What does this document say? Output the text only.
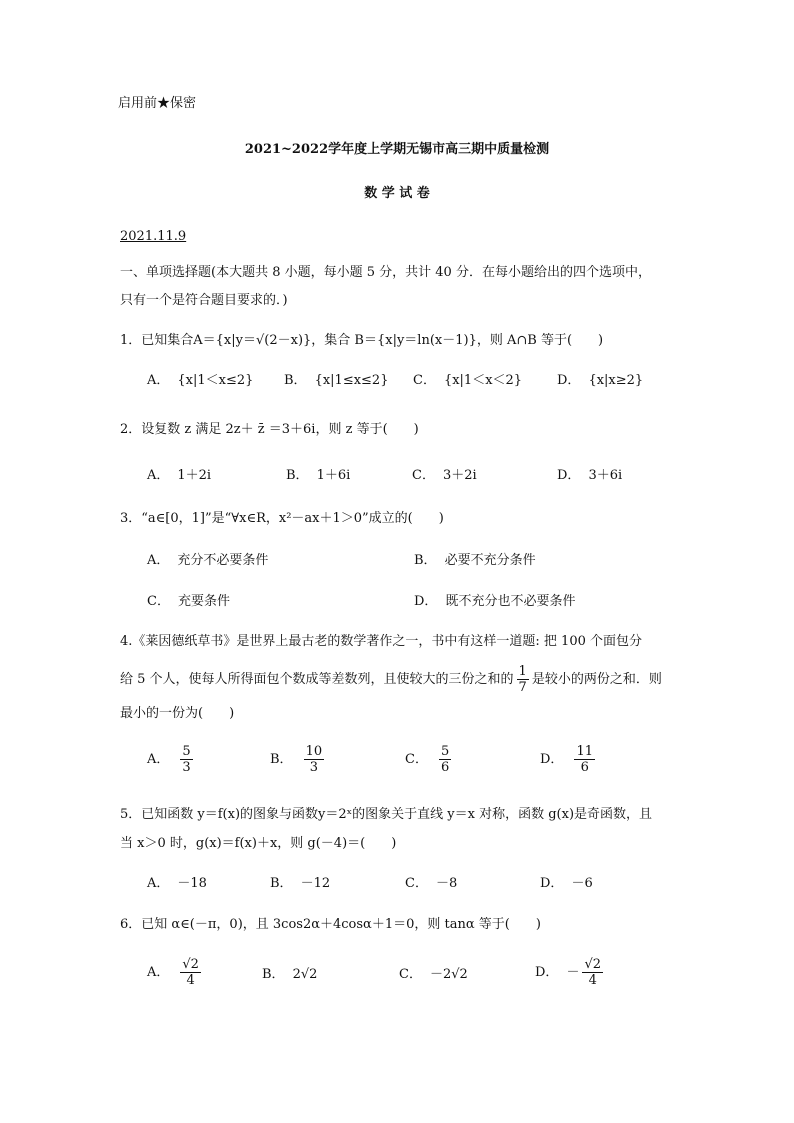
启用前★保密
2021~2022学年度上学期无锡市高三期中质量检测
数 学 试 卷
2021.11.9
一、单项选择题(本大题共 8 小题，每小题 5 分，共计 40 分．在每小题给出的四个选项中，
只有一个是符合题目要求的．)
1．已知集合A＝{x|y＝√(2－x)}，集合 B＝{x|y＝ln(x－1)}，则 A∩B 等于(　　)
A． {x|1＜x≤2} B． {x|1≤x≤2} C． {x|1＜x＜2}	D． {x|x≥2}
2．设复数 z 满足 2z＋ z̄ ＝3＋6i，则 z 等于(　　)
A． 1＋2i	B． 1＋6i	C． 3＋2i	D． 3＋6i
3．“a∈[0，1]”是“∀x∈R，x²－ax＋1＞0”成立的(　　)
A． 充分不必要条件	B． 必要不充分条件
C． 充要条件	D． 既不充分也不必要条件
4.《莱因德纸草书》是世界上最古老的数学著作之一，书中有这样一道题: 把 100 个面包分
给 5 个人，使每人所得面包个数成等差数列，且使较大的三份之和的 $\frac{1}{7}$ 是较小的两份之和．则
最小的一份为(　　)
A． $\frac{5}{3}$	B． $\frac{10}{3}$	C． $\frac{5}{6}$	D． $\frac{11}{6}$
5．已知函数 y＝f(x)的图象与函数y＝2ˣ的图象关于直线 y＝x 对称，函数 g(x)是奇函数，且
当 x＞0 时，g(x)＝f(x)＋x，则 g(－4)＝(　　)
A． －18	B． －12	C． －8	D． －6
6．已知 α∈(－π，0)，且 3cos2α＋4cosα＋1＝0，则 tanα 等于(　　)
A． $\frac{√2}{4}$	B． 2√2	C． －2√2	D． － $\frac{√2}{4}$
